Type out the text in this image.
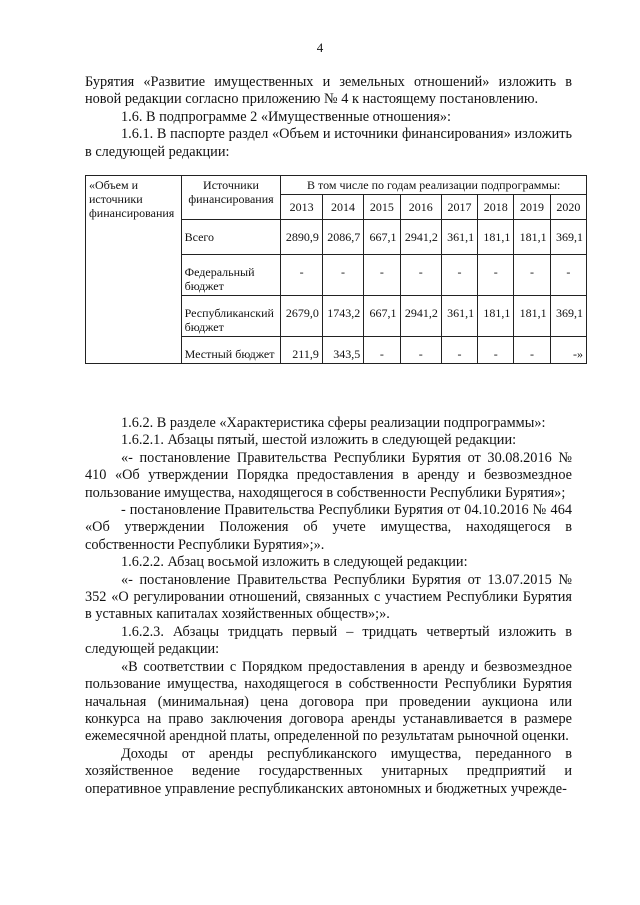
4

Бурятия «Развитие имущественных и земельных отношений» изложить в новой редакции согласно приложению № 4 к настоящему постановлению.

1.6. В подпрограмме 2 «Имущественные отношения»:

1.6.1. В паспорте раздел «Объем и источники финансирования» изложить в следующей редакции:

«Объем и источники финансирования	Источники финансирования	В том числе по годам реализации подпрограммы:							
		2013	2014	2015	2016	2017	2018	2019	2020
	Всего	2890,9	2086,7	667,1	2941,2	361,1	181,1	181,1	369,1
	Федеральный бюджет	-	-	-	-	-	-	-	-
	Республиканский бюджет	2679,0	1743,2	667,1	2941,2	361,1	181,1	181,1	369,1
	Местный бюджет	211,9	343,5	-	-	-	-	-	-»

1.6.2. В разделе «Характеристика сферы реализации подпрограммы»:

1.6.2.1. Абзацы пятый, шестой изложить в следующей редакции:

«- постановление Правительства Республики Бурятия от 30.08.2016 № 410 «Об утверждении Порядка предоставления в аренду и безвозмездное пользование имущества, находящегося в собственности Республики Бурятия»;

- постановление Правительства Республики Бурятия от 04.10.2016 № 464 «Об утверждении Положения об учете имущества, находящегося в собственности Республики Бурятия»;».

1.6.2.2. Абзац восьмой изложить в следующей редакции:

«- постановление Правительства Республики Бурятия от 13.07.2015 № 352 «О регулировании отношений, связанных с участием Республики Бурятия в уставных капиталах хозяйственных обществ»;».

1.6.2.3. Абзацы тридцать первый – тридцать четвертый изложить в следующей редакции:

«В соответствии с Порядком предоставления в аренду и безвозмездное пользование имущества, находящегося в собственности Республики Бурятия начальная (минимальная) цена договора при проведении аукциона или конкурса на право заключения договора аренды устанавливается в размере ежемесячной арендной платы, определенной по результатам рыночной оценки.

Доходы от аренды республиканского имущества, переданного в хозяйственное ведение государственных унитарных предприятий и оперативное управление республиканских автономных и бюджетных учрежде-
